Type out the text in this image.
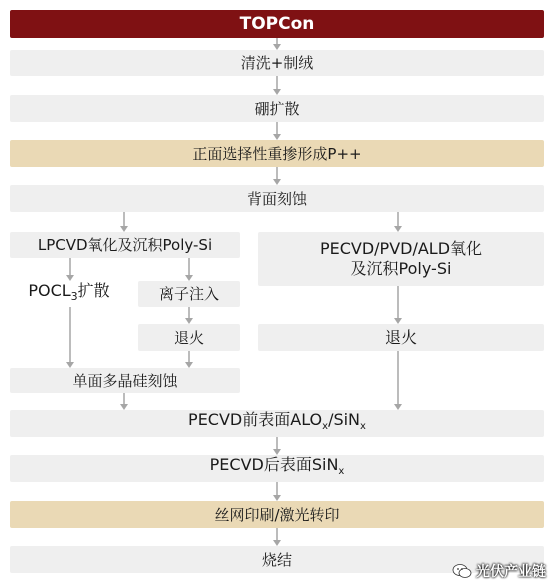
TOPCon
清洗+制绒
硼扩散
正面选择性重掺形成P++
背面刻蚀
LPCVD氧化及沉积Poly-Si	PECVD/PVD/ALD氧化
及沉积Poly-Si
$POCL_3$扩散	离子注入
退火	退火
单面多晶硅刻蚀
PECVD前表面$ALO_x/SiN_x$
PECVD后表面SiN$_x$
丝网印刷/激光转印
烧结
光伏产业链
